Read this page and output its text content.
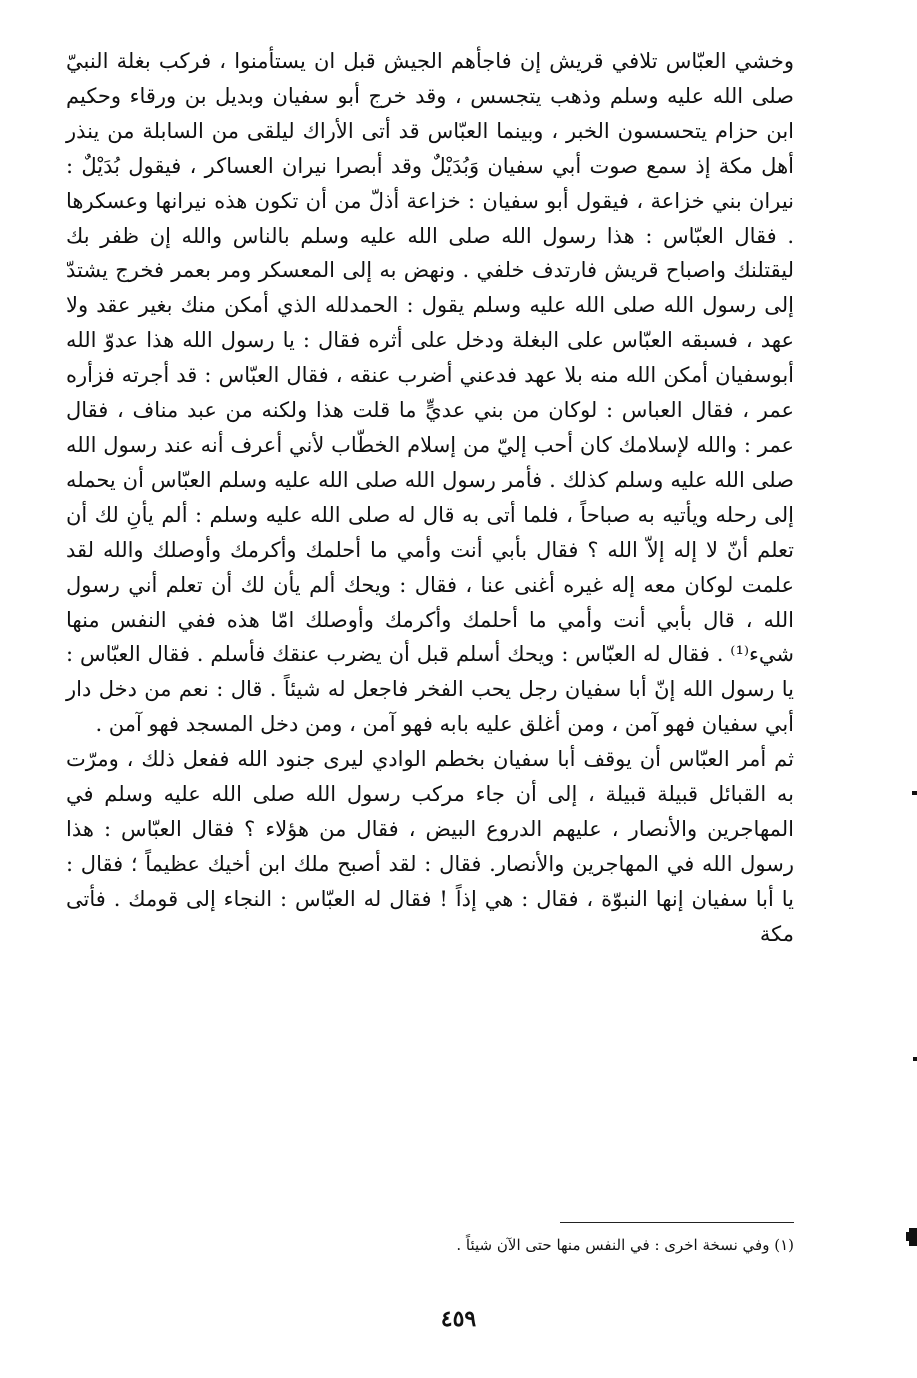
وخشي العبّاس تلافي قريش إن فاجأهم الجيش قبل ان يستأمنوا ، فركب بغلة النبيّ صلى الله عليه وسلم وذهب يتجسس ، وقد خرج أبو سفيان وبديل بن ورقاء وحكيم ابن حزام يتحسسون الخبر ، وبينما العبّاس قد أتى الأراك ليلقى من السابلة من ينذر أهل مكة إذ سمع صوت أبي سفيان وَبُدَيْلٌ وقد أبصرا نيران العساكر ، فيقول بُدَيْلٌ : نيران بني خزاعة ، فيقول أبو سفيان : خزاعة أذلّ من أن تكون هذه نيرانها وعسكرها . فقال العبّاس : هذا رسول الله صلى الله عليه وسلم بالناس والله إن ظفر بك ليقتلنك واصباح قريش فارتدف خلفي . ونهض به إلى المعسكر ومر بعمر فخرج يشتدّ إلى رسول الله صلى الله عليه وسلم يقول : الحمدلله الذي أمكن منك بغير عقد ولا عهد ، فسبقه العبّاس على البغلة ودخل على أثره فقال : يا رسول الله هذا عدوّ الله أبوسفيان أمكن الله منه بلا عهد فدعني أضرب عنقه ، فقال العبّاس : قد أجرته فزأره عمر ، فقال العباس : لوكان من بني عديٍّ ما قلت هذا ولكنه من عبد مناف ، فقال عمر : والله لإسلامك كان أحب إليّ من إسلام الخطّاب لأني أعرف أنه عند رسول الله صلى الله عليه وسلم كذلك . فأمر رسول الله صلى الله عليه وسلم العبّاس أن يحمله إلى رحله ويأتيه به صباحاً ، فلما أتى به قال له صلى الله عليه وسلم : ألم يأنِ لك أن تعلم أنّ لا إله إلاّ الله ؟ فقال بأبي أنت وأمي ما أحلمك وأكرمك وأوصلك والله لقد علمت لوكان معه إله غيره أغنى عنا ، فقال : ويحك ألم يأن لك أن تعلم أني رسول الله ، قال بأبي أنت وأمي ما أحلمك وأكرمك وأوصلك امّا هذه ففي النفس منها شيء⁽¹⁾ . فقال له العبّاس : ويحك أسلم قبل أن يضرب عنقك فأسلم . فقال العبّاس : يا رسول الله إنّ أبا سفيان رجل يحب الفخر فاجعل له شيئاً . قال : نعم من دخل دار أبي سفيان فهو آمن ، ومن أغلق عليه بابه فهو آمن ، ومن دخل المسجد فهو آمن .

ثم أمر العبّاس أن يوقف أبا سفيان بخطم الوادي ليرى جنود الله ففعل ذلك ، ومرّت به القبائل قبيلة قبيلة ، إلى أن جاء مركب رسول الله صلى الله عليه وسلم في المهاجرين والأنصار ، عليهم الدروع البيض ، فقال من هؤلاء ؟ فقال العبّاس : هذا رسول الله في المهاجرين والأنصار. فقال : لقد أصبح ملك ابن أخيك عظيماً ؛ فقال : يا أبا سفيان إنها النبوّة ، فقال : هي إذاً ! فقال له العبّاس : النجاء إلى قومك . فأتى مكة

(١) وفي نسخة اخرى : في النفس منها حتى الآن شيئاً .
٤٥٩
